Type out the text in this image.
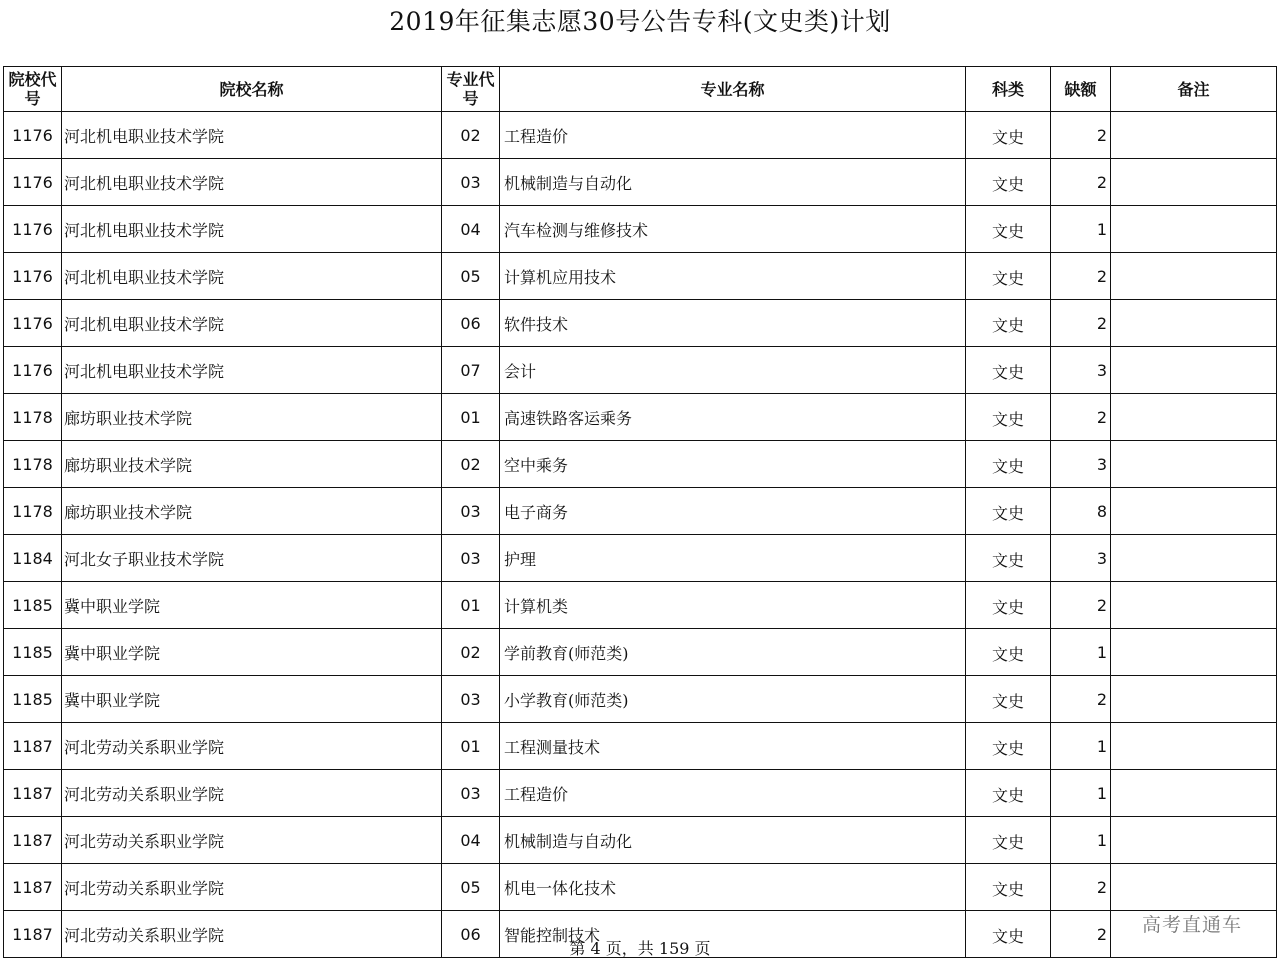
2019年征集志愿30号公告专科(文史类)计划
院校代号	院校名称	专业代号	专业名称	科类	缺额	备注
1176	河北机电职业技术学院	02	工程造价	文史	2	
1176	河北机电职业技术学院	03	机械制造与自动化	文史	2	
1176	河北机电职业技术学院	04	汽车检测与维修技术	文史	1	
1176	河北机电职业技术学院	05	计算机应用技术	文史	2	
1176	河北机电职业技术学院	06	软件技术	文史	2	
1176	河北机电职业技术学院	07	会计	文史	3	
1178	廊坊职业技术学院	01	高速铁路客运乘务	文史	2	
1178	廊坊职业技术学院	02	空中乘务	文史	3	
1178	廊坊职业技术学院	03	电子商务	文史	8	
1184	河北女子职业技术学院	03	护理	文史	3	
1185	冀中职业学院	01	计算机类	文史	2	
1185	冀中职业学院	02	学前教育(师范类)	文史	1	
1185	冀中职业学院	03	小学教育(师范类)	文史	2	
1187	河北劳动关系职业学院	01	工程测量技术	文史	1	
1187	河北劳动关系职业学院	03	工程造价	文史	1	
1187	河北劳动关系职业学院	04	机械制造与自动化	文史	1	
1187	河北劳动关系职业学院	05	机电一体化技术	文史	2	
1187	河北劳动关系职业学院	06	智能控制技术	文史	2	高考直通车
第 4 页，共 159 页
